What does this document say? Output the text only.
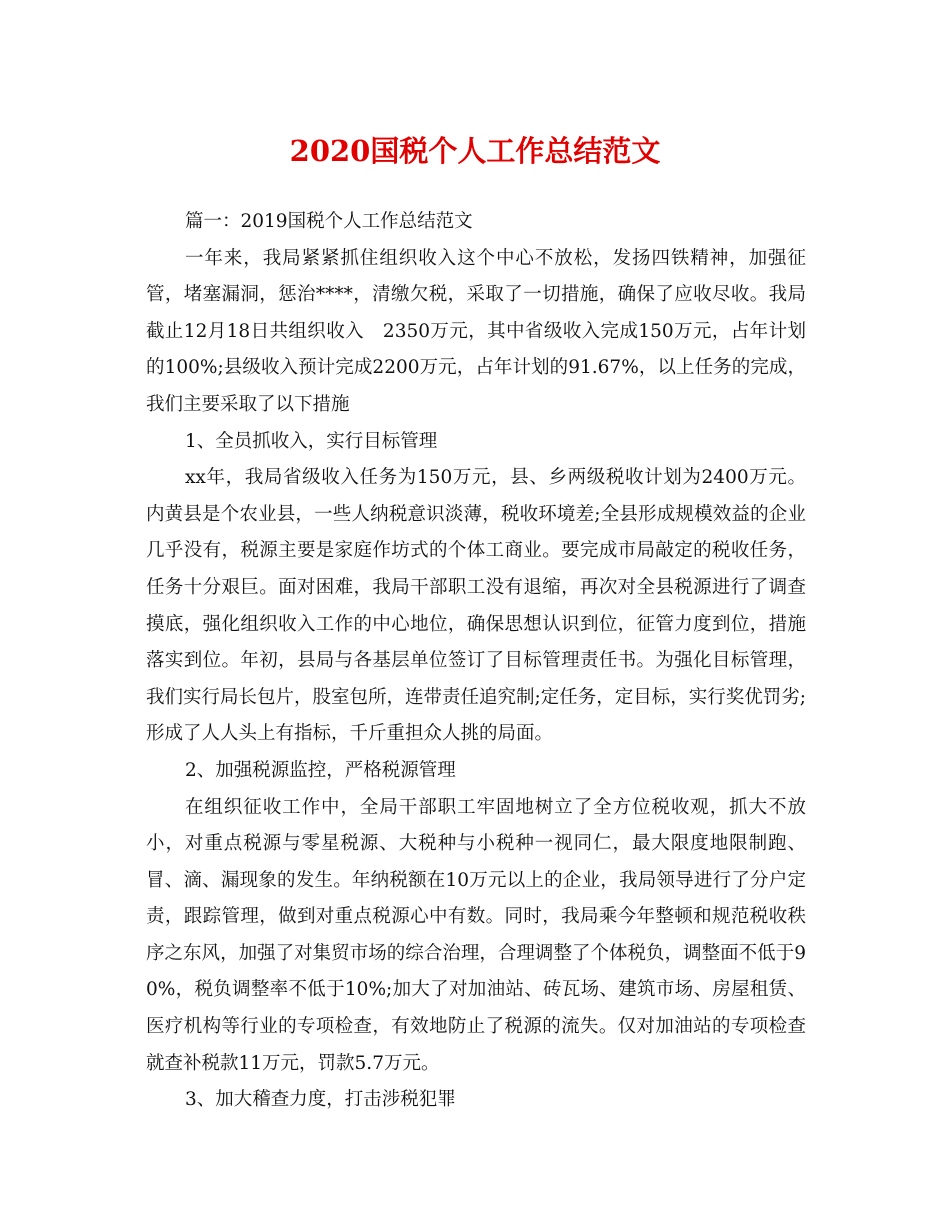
2020国税个人工作总结范文

篇一：2019国税个人工作总结范文

一年来，我局紧紧抓住组织收入这个中心不放松，发扬四铁精神，加强征管，堵塞漏洞，惩治****，清缴欠税，采取了一切措施，确保了应收尽收。我局截止12月18日共组织收入　2350万元，其中省级收入完成150万元，占年计划的100%;县级收入预计完成2200万元，占年计划的91.67%，以上任务的完成，我们主要采取了以下措施

1、全员抓收入，实行目标管理

xx年，我局省级收入任务为150万元，县、乡两级税收计划为2400万元。内黄县是个农业县，一些人纳税意识淡薄，税收环境差;全县形成规模效益的企业几乎没有，税源主要是家庭作坊式的个体工商业。要完成市局敲定的税收任务，任务十分艰巨。面对困难，我局干部职工没有退缩，再次对全县税源进行了调查摸底，强化组织收入工作的中心地位，确保思想认识到位，征管力度到位，措施落实到位。年初，县局与各基层单位签订了目标管理责任书。为强化目标管理，我们实行局长包片，股室包所，连带责任追究制;定任务，定目标，实行奖优罚劣;形成了人人头上有指标，千斤重担众人挑的局面。

2、加强税源监控，严格税源管理

在组织征收工作中，全局干部职工牢固地树立了全方位税收观，抓大不放小，对重点税源与零星税源、大税种与小税种一视同仁，最大限度地限制跑、冒、滴、漏现象的发生。年纳税额在10万元以上的企业，我局领导进行了分户定责，跟踪管理，做到对重点税源心中有数。同时，我局乘今年整顿和规范税收秩序之东风，加强了对集贸市场的综合治理，合理调整了个体税负，调整面不低于90%，税负调整率不低于10%;加大了对加油站、砖瓦场、建筑市场、房屋租赁、医疗机构等行业的专项检查，有效地防止了税源的流失。仅对加油站的专项检查就查补税款11万元，罚款5.7万元。

3、加大稽查力度，打击涉税犯罪
